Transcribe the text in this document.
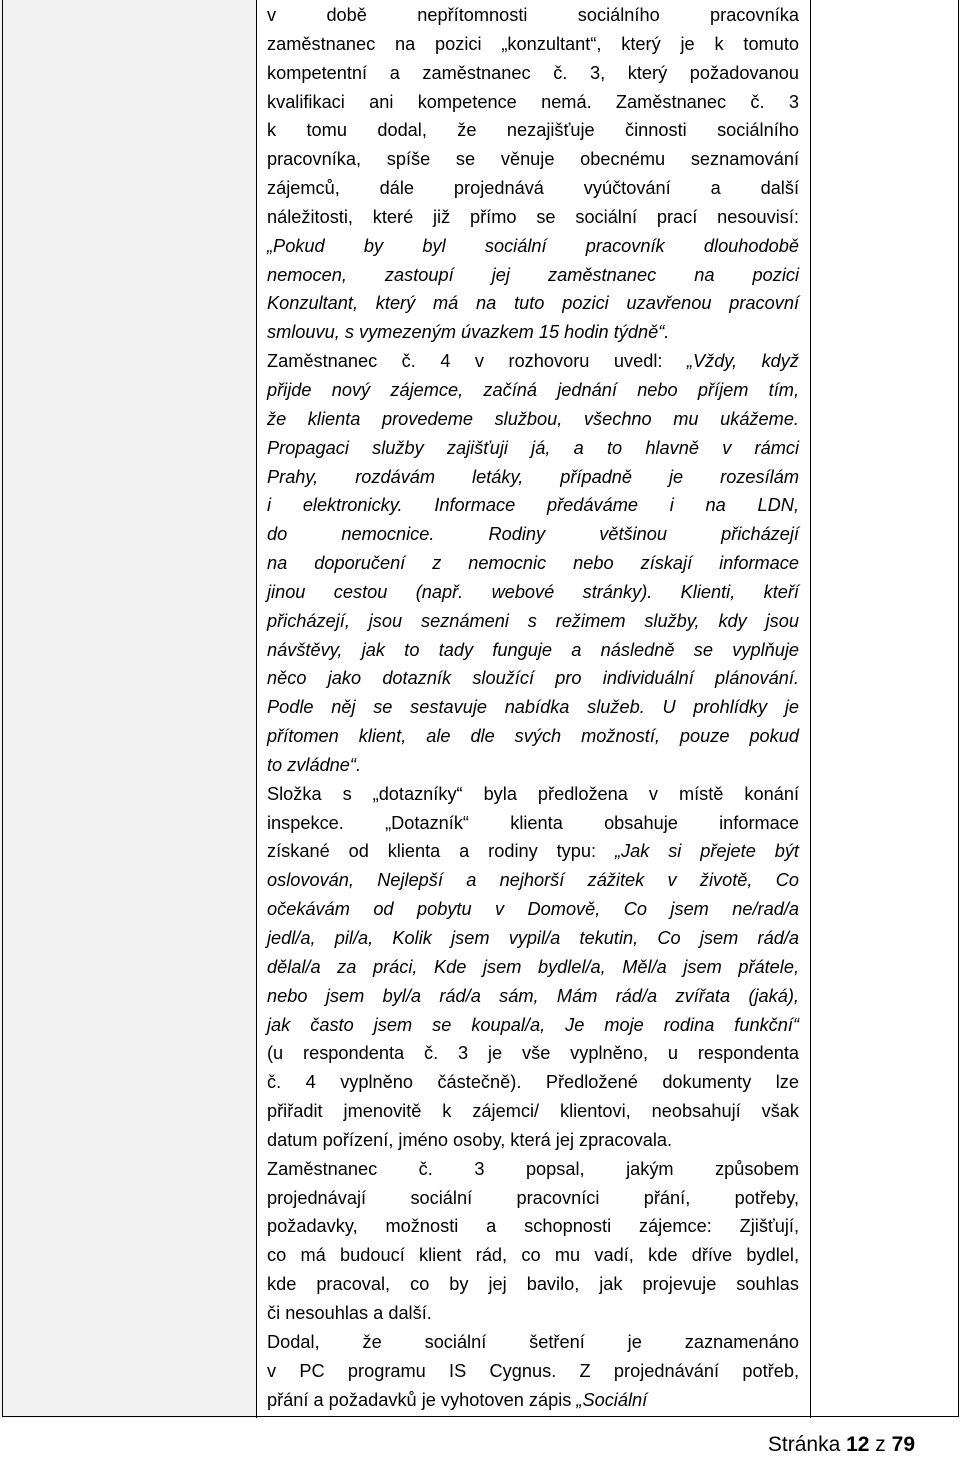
v době nepřítomnosti sociálního pracovníka
zaměstnanec na pozici „konzultant“, který je k tomuto
kompetentní a zaměstnanec č. 3, který požadovanou
kvalifikaci ani kompetence nemá. Zaměstnanec č. 3
k tomu dodal, že nezajišťuje činnosti sociálního
pracovníka, spíše se věnuje obecnému seznamování
zájemců, dále projednává vyúčtování a další
náležitosti, které již přímo se sociální prací nesouvisí:
„Pokud by byl sociální pracovník dlouhodobě
nemocen, zastoupí jej zaměstnanec na pozici
Konzultant, který má na tuto pozici uzavřenou pracovní
smlouvu, s vymezeným úvazkem 15 hodin týdně“.
Zaměstnanec č. 4 v rozhovoru uvedl: „Vždy, když
přijde nový zájemce, začíná jednání nebo příjem tím,
že klienta provedeme službou, všechno mu ukážeme.
Propagaci služby zajišťuji já, a to hlavně v rámci
Prahy, rozdávám letáky, případně je rozesílám
i elektronicky. Informace předáváme i na LDN,
do nemocnice. Rodiny většinou přicházejí
na doporučení z nemocnic nebo získají informace
jinou cestou (např. webové stránky). Klienti, kteří
přicházejí, jsou seznámeni s režimem služby, kdy jsou
návštěvy, jak to tady funguje a následně se vyplňuje
něco jako dotazník sloužící pro individuální plánování.
Podle něj se sestavuje nabídka služeb. U prohlídky je
přítomen klient, ale dle svých možností, pouze pokud
to zvládne“.
Složka s „dotazníky“ byla předložena v místě konání
inspekce. „Dotazník“ klienta obsahuje informace
získané od klienta a rodiny typu: „Jak si přejete být
oslovován, Nejlepší a nejhorší zážitek v životě, Co
očekávám od pobytu v Domově, Co jsem ne/rad/a
jedl/a, pil/a, Kolik jsem vypil/a tekutin, Co jsem rád/a
dělal/a za práci, Kde jsem bydlel/a, Měl/a jsem přátele,
nebo jsem byl/a rád/a sám, Mám rád/a zvířata (jaká),
jak často jsem se koupal/a, Je moje rodina funkční“
(u respondenta č. 3 je vše vyplněno, u respondenta
č. 4 vyplněno částečně). Předložené dokumenty lze
přiřadit jmenovitě k zájemci/ klientovi, neobsahují však
datum pořízení, jméno osoby, která jej zpracovala.
Zaměstnanec č. 3 popsal, jakým způsobem
projednávají sociální pracovníci přání, potřeby,
požadavky, možnosti a schopnosti zájemce: Zjišťují,
co má budoucí klient rád, co mu vadí, kde dříve bydlel,
kde pracoval, co by jej bavilo, jak projevuje souhlas
či nesouhlas a další.
Dodal, že sociální šetření je zaznamenáno
v PC programu IS Cygnus. Z projednávání potřeb,
přání a požadavků je vyhotoven zápis „Sociální
Stránka 12 z 79
